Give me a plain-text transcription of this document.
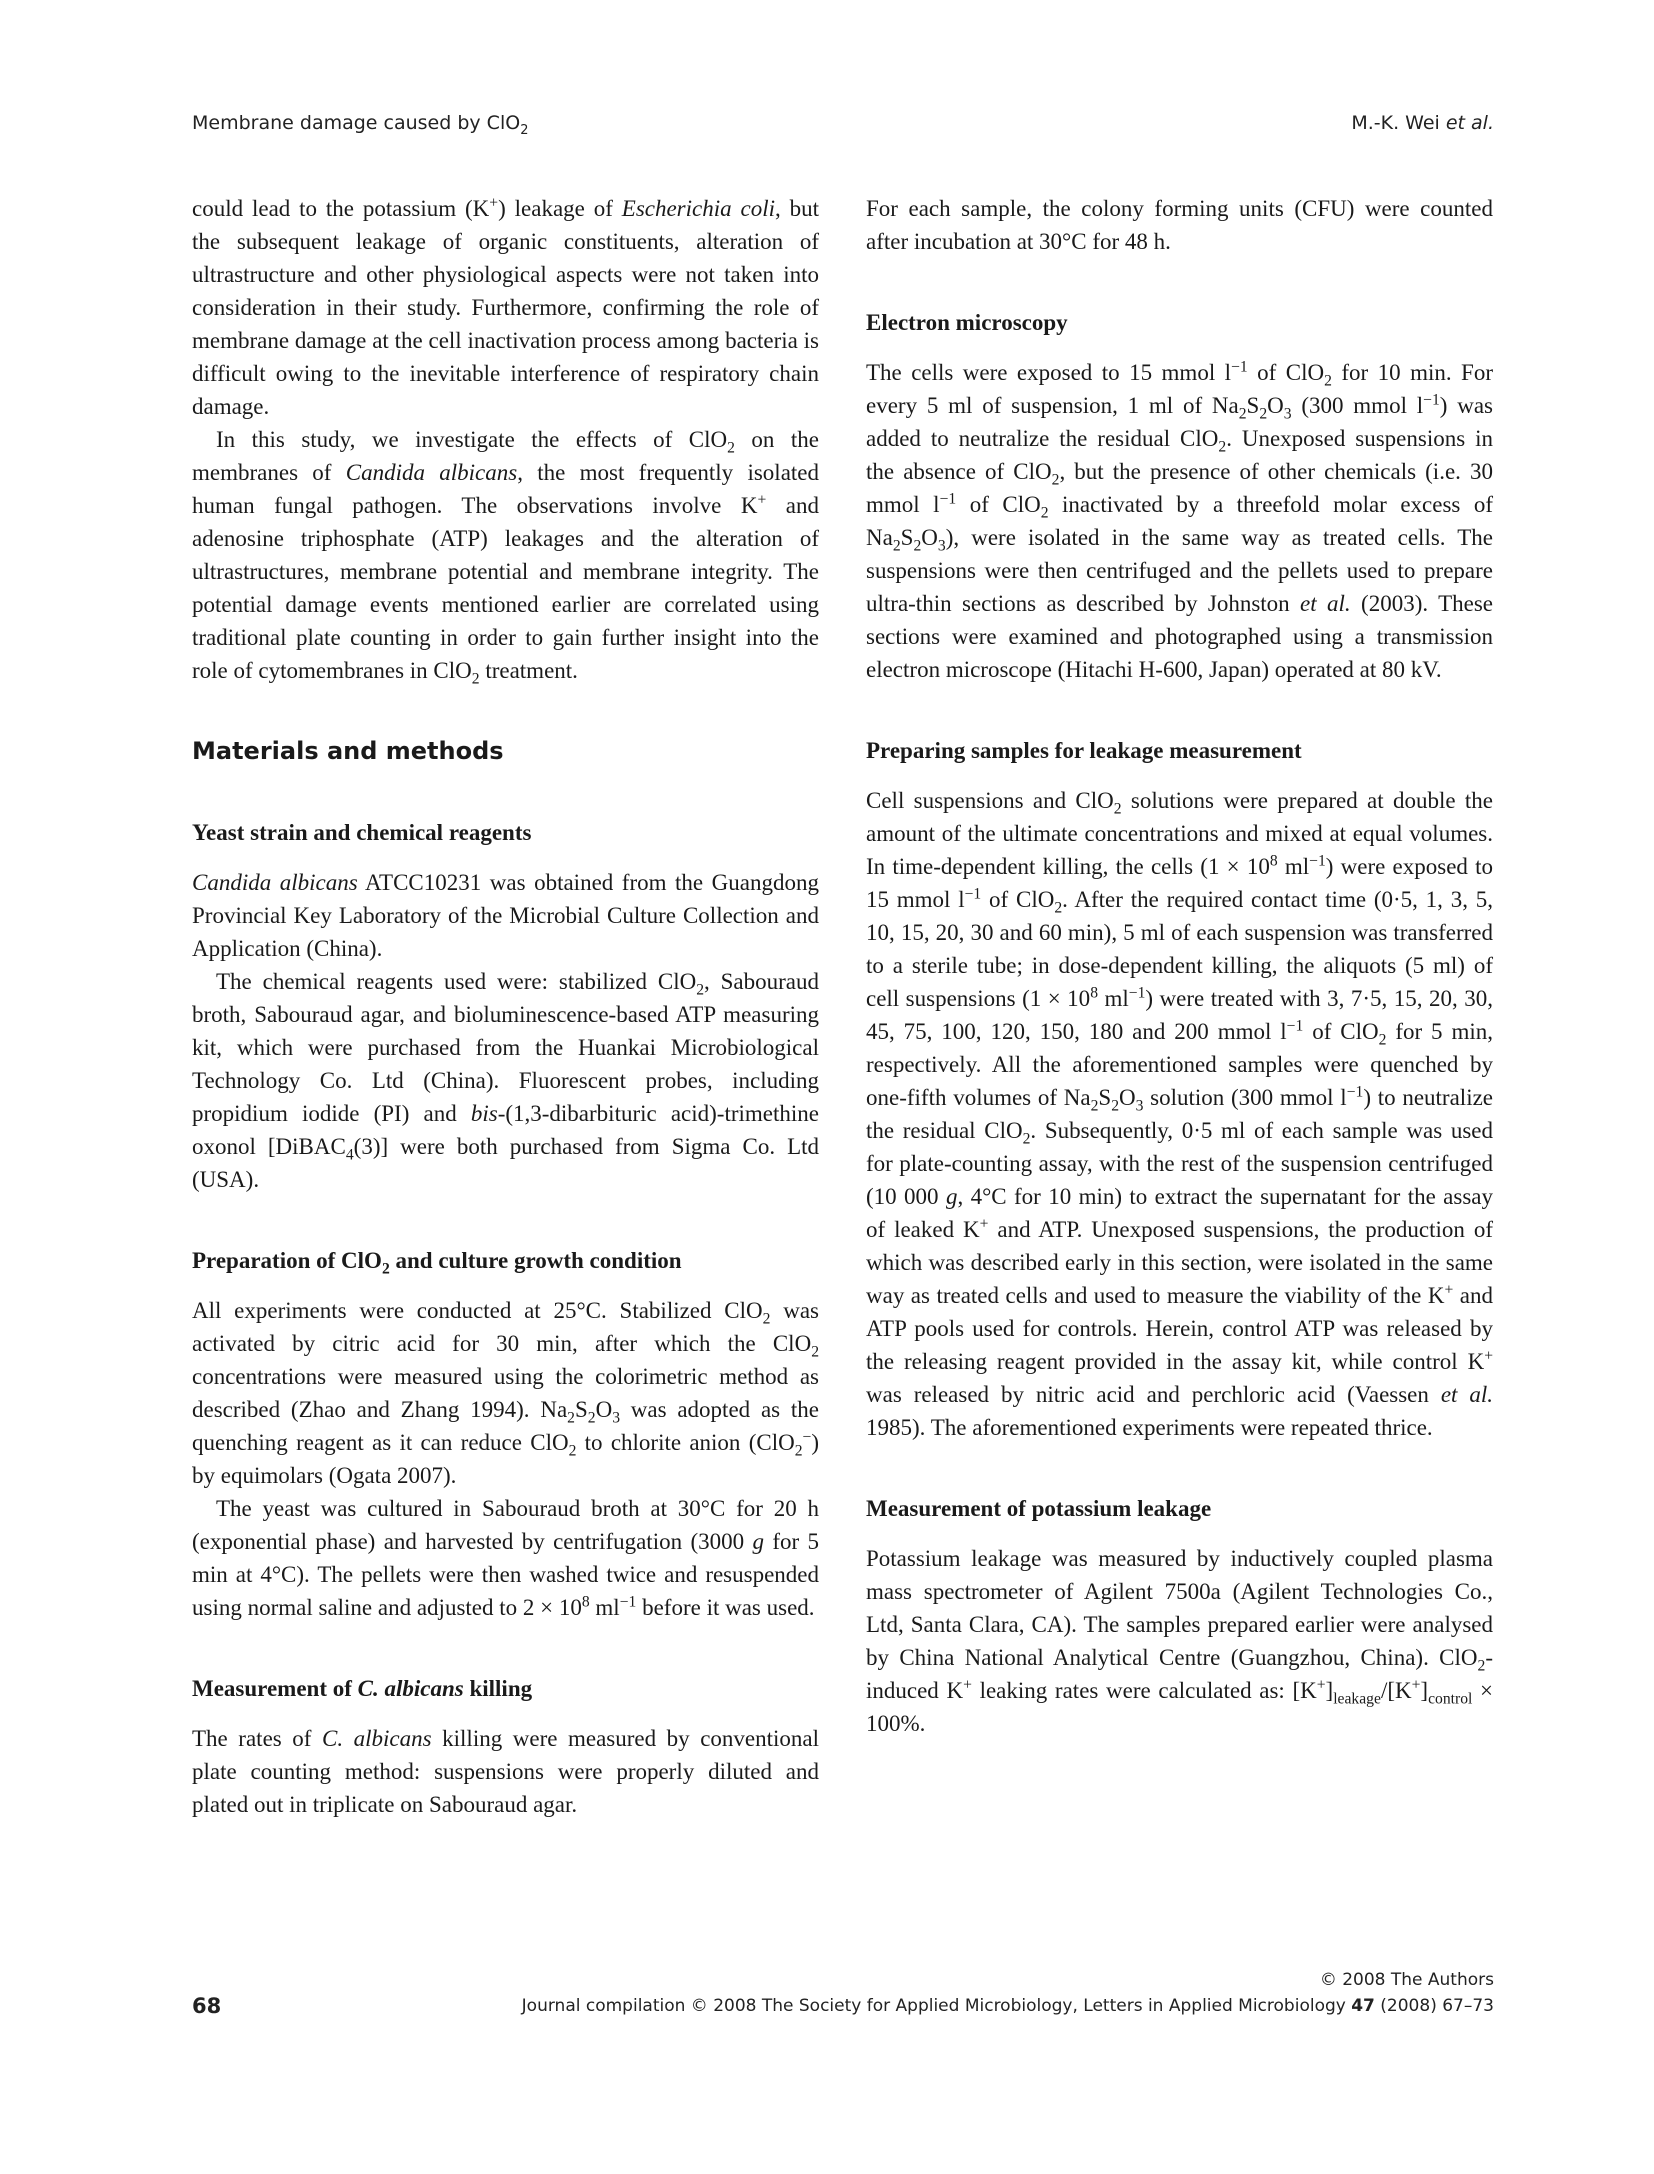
Membrane damage caused by ClO$_2$	M.-K. Wei et al.

could lead to the potassium (K+) leakage of Escherichia coli, but the subsequent leakage of organic constituents, alteration of ultrastructure and other physiological aspects were not taken into consideration in their study. Furthermore, confirming the role of membrane damage at the cell inactivation process among bacteria is difficult owing to the inevitable interference of respiratory chain damage.

In this study, we investigate the effects of ClO$_2$ on the membranes of Candida albicans, the most frequently isolated human fungal pathogen. The observations involve K+ and adenosine triphosphate (ATP) leakages and the alteration of ultrastructures, membrane potential and membrane integrity. The potential damage events mentioned earlier are correlated using traditional plate counting in order to gain further insight into the role of cytomembranes in ClO$_2$ treatment.

Materials and methods
Yeast strain and chemical reagents

Candida albicans ATCC10231 was obtained from the Guangdong Provincial Key Laboratory of the Microbial Culture Collection and Application (China).

The chemical reagents used were: stabilized ClO$_2$, Sabouraud broth, Sabouraud agar, and bioluminescence-based ATP measuring kit, which were purchased from the Huankai Microbiological Technology Co. Ltd (China). Fluorescent probes, including propidium iodide (PI) and bis-(1,3-dibarbituric acid)-trimethine oxonol [DiBAC$_4$(3)] were both purchased from Sigma Co. Ltd (USA).

Preparation of ClO$_2$ and culture growth condition

All experiments were conducted at 25°C. Stabilized ClO$_2$ was activated by citric acid for 30 min, after which the ClO$_2$ concentrations were measured using the colorimetric method as described (Zhao and Zhang 1994). $Na_2S_2O_3$ was adopted as the quenching reagent as it can reduce ClO$_2$ to chlorite anion (ClO$_2$−) by equimolars (Ogata 2007).

The yeast was cultured in Sabouraud broth at 30°C for 20 h (exponential phase) and harvested by centrifugation (3000 g for 5 min at 4°C). The pellets were then washed twice and resuspended using normal saline and adjusted to $2 \times 10^8$ $ml^{-1}$ before it was used.

Measurement of C. albicans killing

The rates of C. albicans killing were measured by conventional plate counting method: suspensions were properly diluted and plated out in triplicate on Sabouraud agar.

For each sample, the colony forming units (CFU) were counted after incubation at 30°C for 48 h.

Electron microscopy

The cells were exposed to 15 mmol $l^{-1}$ of ClO$_2$ for 10 min. For every 5 ml of suspension, 1 ml of $Na_2S_2O_3$ (300 mmol $l^{-1}$) was added to neutralize the residual ClO$_2$. Unexposed suspensions in the absence of ClO$_2$, but the presence of other chemicals (i.e. 30 mmol $l^{-1}$ of ClO$_2$ inactivated by a threefold molar excess of $Na_2S_2O_3$), were isolated in the same way as treated cells. The suspensions were then centrifuged and the pellets used to prepare ultra-thin sections as described by Johnston et al. (2003). These sections were examined and photographed using a transmission electron microscope (Hitachi H-600, Japan) operated at 80 kV.

Preparing samples for leakage measurement

Cell suspensions and ClO$_2$ solutions were prepared at double the amount of the ultimate concentrations and mixed at equal volumes. In time-dependent killing, the cells ($1 \times 10^8$ $ml^{-1}$) were exposed to 15 mmol $l^{-1}$ of ClO$_2$. After the required contact time (0·5, 1, 3, 5, 10, 15, 20, 30 and 60 min), 5 ml of each suspension was transferred to a sterile tube; in dose-dependent killing, the aliquots (5 ml) of cell suspensions ($1 \times 10^8$ $ml^{-1}$) were treated with 3, 7·5, 15, 20, 30, 45, 75, 100, 120, 150, 180 and 200 mmol $l^{-1}$ of ClO$_2$ for 5 min, respectively. All the aforementioned samples were quenched by one-fifth volumes of $Na_2S_2O_3$ solution (300 mmol $l^{-1}$) to neutralize the residual ClO$_2$. Subsequently, 0·5 ml of each sample was used for plate-counting assay, with the rest of the suspension centrifuged (10 000 g, 4°C for 10 min) to extract the supernatant for the assay of leaked K+ and ATP. Unexposed suspensions, the production of which was described early in this section, were isolated in the same way as treated cells and used to measure the viability of the K+ and ATP pools used for controls. Herein, control ATP was released by the releasing reagent provided in the assay kit, while control K+ was released by nitric acid and perchloric acid (Vaessen et al. 1985). The aforementioned experiments were repeated thrice.

Measurement of potassium leakage

Potassium leakage was measured by inductively coupled plasma mass spectrometer of Agilent 7500a (Agilent Technologies Co., Ltd, Santa Clara, CA). The samples prepared earlier were analysed by China National Analytical Centre (Guangzhou, China). ClO$_2$-induced K+ leaking rates were calculated as: $[K^+]_{leakage}/[K^+]_{control} \times 100\%$.

© 2008 The Authors
Journal compilation © 2008 The Society for Applied Microbiology, Letters in Applied Microbiology 47 (2008) 67–73
68
